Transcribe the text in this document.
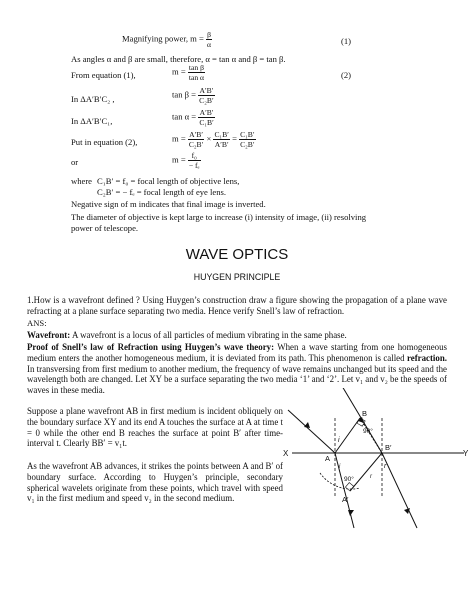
Magnifying power, $m = \frac{\beta}{\alpha}$	(1)
As angles α and β are small, therefore, α = tan α and β = tan β.
From equation (1),	$m = \frac{\text{tan β}}{\text{tan α}}$	(2)
In ΔA′B′C₂ ,	$\tan \beta = \frac{A'B'}{\text{C₂B′}}$
In ΔA′B′C₁,	$\tan \alpha = \frac{A'B'}{\text{C₁B′}}$
Put in equation (2),	$m = \frac{A'B'}{\text{C₂B′}} \times \frac{\text{C₁B′}}{A'B'} = \frac{\text{C₁B′}}{\text{C₂B′}}$
or	$m = \frac{\text{f₀}}{\text{− fₑ}}$
where C₁B′ = f₀ = focal length of objective lens,
C₂B′ = − fₑ = focal length of eye lens.
Negative sign of m indicates that final image is inverted.
The diameter of objective is kept large to increase (i) intensity of image, (ii) resolving
power of telescope.
WAVE OPTICS
HUYGEN PRINCIPLE
1.How is a wavefront defined ? Using Huygen’s construction draw a figure showing the propagation of a plane wave refracting at a plane surface separating two media. Hence verify Snell’s law of refraction.
ANS:
Wavefront: A wavefront is a locus of all particles of medium vibrating in the same phase.
Proof of Snell’s law of Refraction using Huygen’s wave theory: When a wave starting from one homogeneous medium enters the another homogeneous medium, it is deviated from its path. This phenomenon is called refraction. In transversing from first medium to another medium, the frequency of wave remains unchanged but its speed and the wavelength both are changed. Let XY be a surface separating the two media ‘1’ and ‘2’. Let v₁ and v₂ be the speeds of waves in these media.
Suppose a plane wavefront AB in first medium is incident obliquely on the boundary surface XY and its end A touches the surface at A at time t = 0 while the other end B reaches the surface at point B′ after time-interval t. Clearly BB′ = v₁t.
As the wavefront AB advances, it strikes the points between A and B′ of boundary surface. According to Huygen’s principle, secondary spherical wavelets originate from these points, which travel with speed v₁ in the first medium and speed v₂ in the second medium.
X	Y
A
B
B′
A′
i
r
90°
90°
i
r
